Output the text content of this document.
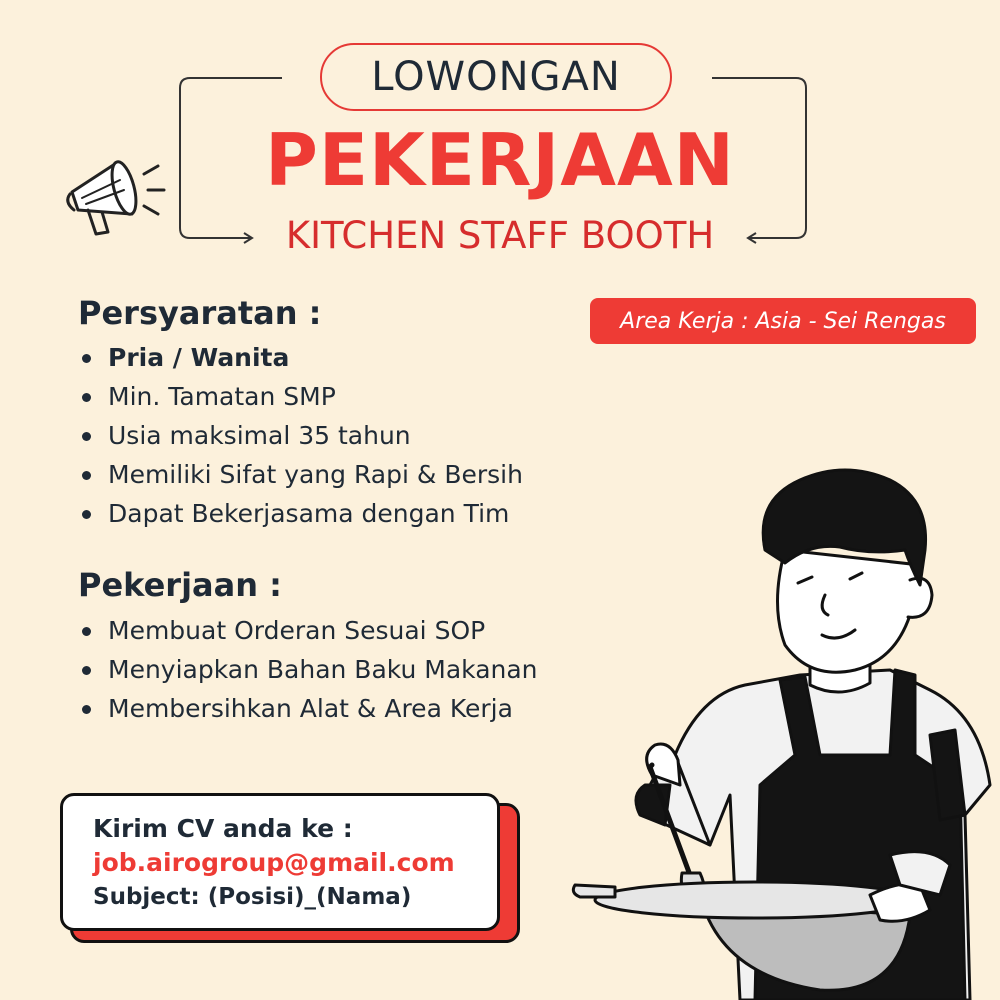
LOWONGAN
PEKERJAAN
KITCHEN STAFF BOOTH
Area Kerja : Asia - Sei Rengas
Persyaratan :
Pria / Wanita
Min. Tamatan SMP
Usia maksimal 35 tahun
Memiliki Sifat yang Rapi & Bersih
Dapat Bekerjasama dengan Tim
Pekerjaan :
Membuat Orderan Sesuai SOP
Menyiapkan Bahan Baku Makanan
Membersihkan Alat & Area Kerja
Kirim CV anda ke :
job.airogroup@gmail.com
Subject: (Posisi)_(Nama)
